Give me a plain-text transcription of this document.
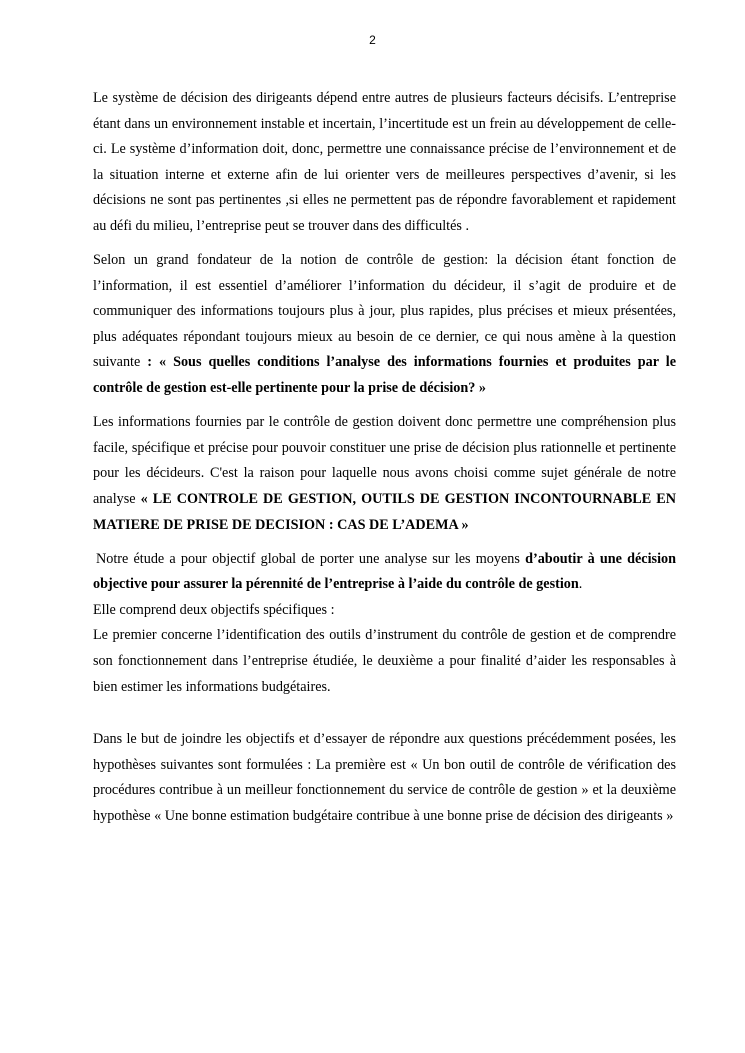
2

Le système de décision des dirigeants dépend entre autres de plusieurs facteurs décisifs. L’entreprise étant dans un environnement instable et incertain, l’incertitude est un frein au développement de celle-ci. Le système d’information doit, donc, permettre une connaissance précise de l’environnement et de la situation interne et externe afin de lui orienter vers de meilleures perspectives d’avenir, si les décisions ne sont pas pertinentes ,si elles ne permettent pas de répondre favorablement et rapidement au défi du milieu, l’entreprise peut se trouver dans des difficultés .

Selon un grand fondateur de la notion de contrôle de gestion: la décision étant fonction de l’information, il est essentiel d’améliorer l’information du décideur, il s’agit de produire et de communiquer des informations toujours plus à jour, plus rapides, plus précises et mieux présentées, plus adéquates répondant toujours mieux au besoin de ce dernier, ce qui nous amène à la question suivante : « Sous quelles conditions l’analyse des informations fournies et produites par le contrôle de gestion est-elle pertinente pour la prise de décision? »

Les informations fournies par le contrôle de gestion doivent donc permettre une compréhension plus facile, spécifique et précise pour pouvoir constituer une prise de décision plus rationnelle et pertinente pour les décideurs. C'est la raison pour laquelle nous avons choisi comme sujet générale de notre analyse « LE CONTROLE DE GESTION, OUTILS DE GESTION INCONTOURNABLE EN MATIERE DE PRISE DE DECISION : CAS DE L’ADEMA »

Notre étude a pour objectif global de porter une analyse sur les moyens d’aboutir à une décision objective pour assurer la pérennité de l’entreprise à l’aide du contrôle de gestion.

Elle comprend deux objectifs spécifiques :

Le premier concerne l’identification des outils d’instrument du contrôle de gestion et de comprendre son fonctionnement dans l’entreprise étudiée, le deuxième a pour finalité d’aider les responsables à bien estimer les informations budgétaires.

Dans le but de joindre les objectifs et d’essayer de répondre aux questions précédemment posées, les hypothèses suivantes sont formulées : La première est « Un bon outil de contrôle de vérification des procédures contribue à un meilleur fonctionnement du service de contrôle de gestion » et la deuxième hypothèse « Une bonne estimation budgétaire contribue à une bonne prise de décision des dirigeants »
